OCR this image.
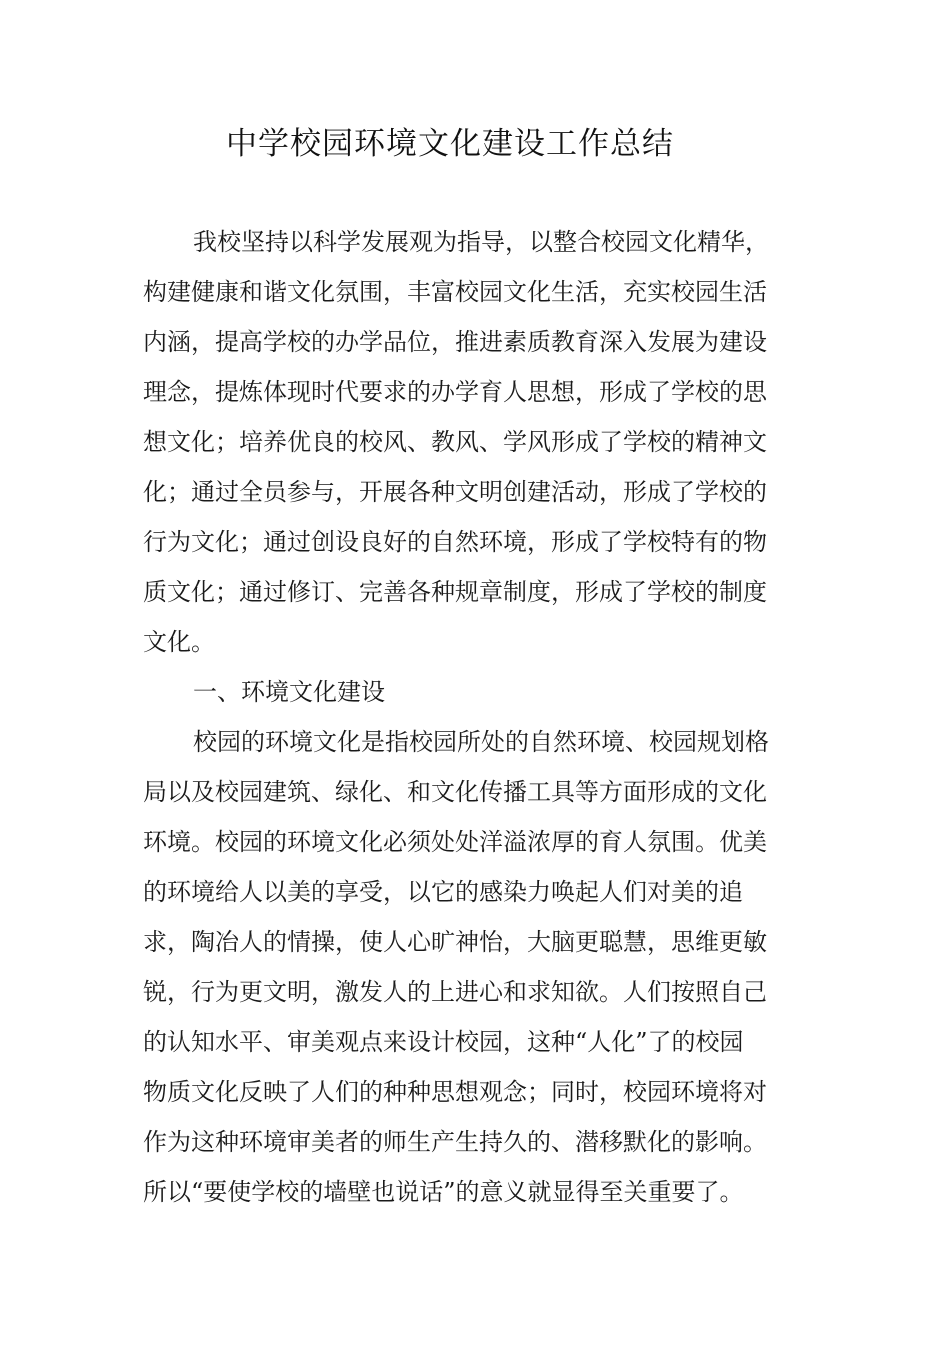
中学校园环境文化建设工作总结
我校坚持以科学发展观为指导，以整合校园文化精华，
构建健康和谐文化氛围，丰富校园文化生活，充实校园生活
内涵，提高学校的办学品位，推进素质教育深入发展为建设
理念，提炼体现时代要求的办学育人思想，形成了学校的思
想文化；培养优良的校风、教风、学风形成了学校的精神文
化；通过全员参与，开展各种文明创建活动，形成了学校的
行为文化；通过创设良好的自然环境，形成了学校特有的物
质文化；通过修订、完善各种规章制度，形成了学校的制度
文化。
一、环境文化建设
校园的环境文化是指校园所处的自然环境、校园规划格
局以及校园建筑、绿化、和文化传播工具等方面形成的文化
环境。校园的环境文化必须处处洋溢浓厚的育人氛围。优美
的环境给人以美的享受，以它的感染力唤起人们对美的追
求，陶冶人的情操，使人心旷神怡，大脑更聪慧，思维更敏
锐，行为更文明，激发人的上进心和求知欲。人们按照自己
的认知水平、审美观点来设计校园，这种“人化”了的校园
物质文化反映了人们的种种思想观念；同时，校园环境将对
作为这种环境审美者的师生产生持久的、潜移默化的影响。
所以“要使学校的墙壁也说话”的意义就显得至关重要了。
